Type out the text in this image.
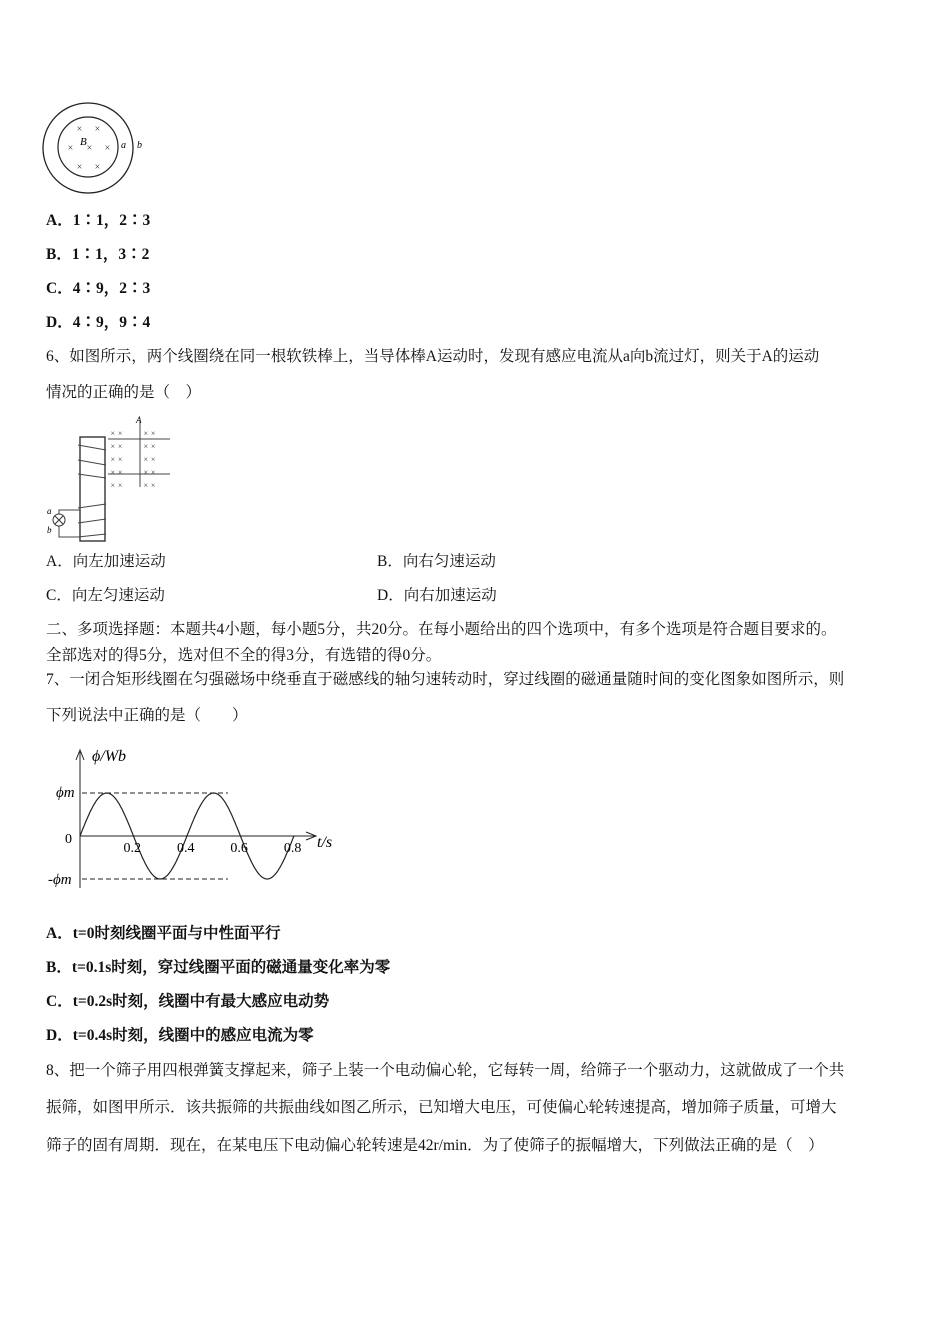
× ×
× × ×
× ×
B	a b
A．1∶1，2∶3
B．1∶1，3∶2
C．4∶9，2∶3
D．4∶9，9∶4
6、如图所示，两个线圈绕在同一根软铁棒上，当导体棒A运动时，发现有感应电流从a向b流过灯，则关于A的运动
情况的正确的是（　）
× ×	× ×
× ×	× ×
× ×	× ×
× ×	× ×
× ×	× ×
A
a
b
A．向左加速运动	B．向右匀速运动
C．向左匀速运动	D．向右加速运动
二、多项选择题：本题共4小题，每小题5分，共20分。在每小题给出的四个选项中，有多个选项是符合题目要求的。
全部选对的得5分，选对但不全的得3分，有选错的得0分。
7、一闭合矩形线圈在匀强磁场中绕垂直于磁感线的轴匀速转动时，穿过线圈的磁通量随时间的变化图象如图所示，则
下列说法中正确的是（　　）
ϕ/Wb
t/s
0
ϕm
-ϕm
0.2	0.4	0.6	0.8
A．t=0时刻线圈平面与中性面平行
B．t=0.1s时刻，穿过线圈平面的磁通量变化率为零
C．t=0.2s时刻，线圈中有最大感应电动势
D．t=0.4s时刻，线圈中的感应电流为零
8、把一个筛子用四根弹簧支撑起来，筛子上装一个电动偏心轮，它每转一周，给筛子一个驱动力，这就做成了一个共
振筛，如图甲所示．该共振筛的共振曲线如图乙所示，已知增大电压，可使偏心轮转速提高，增加筛子质量，可增大
筛子的固有周期．现在，在某电压下电动偏心轮转速是42r/min．为了使筛子的振幅增大，下列做法正确的是（　）
